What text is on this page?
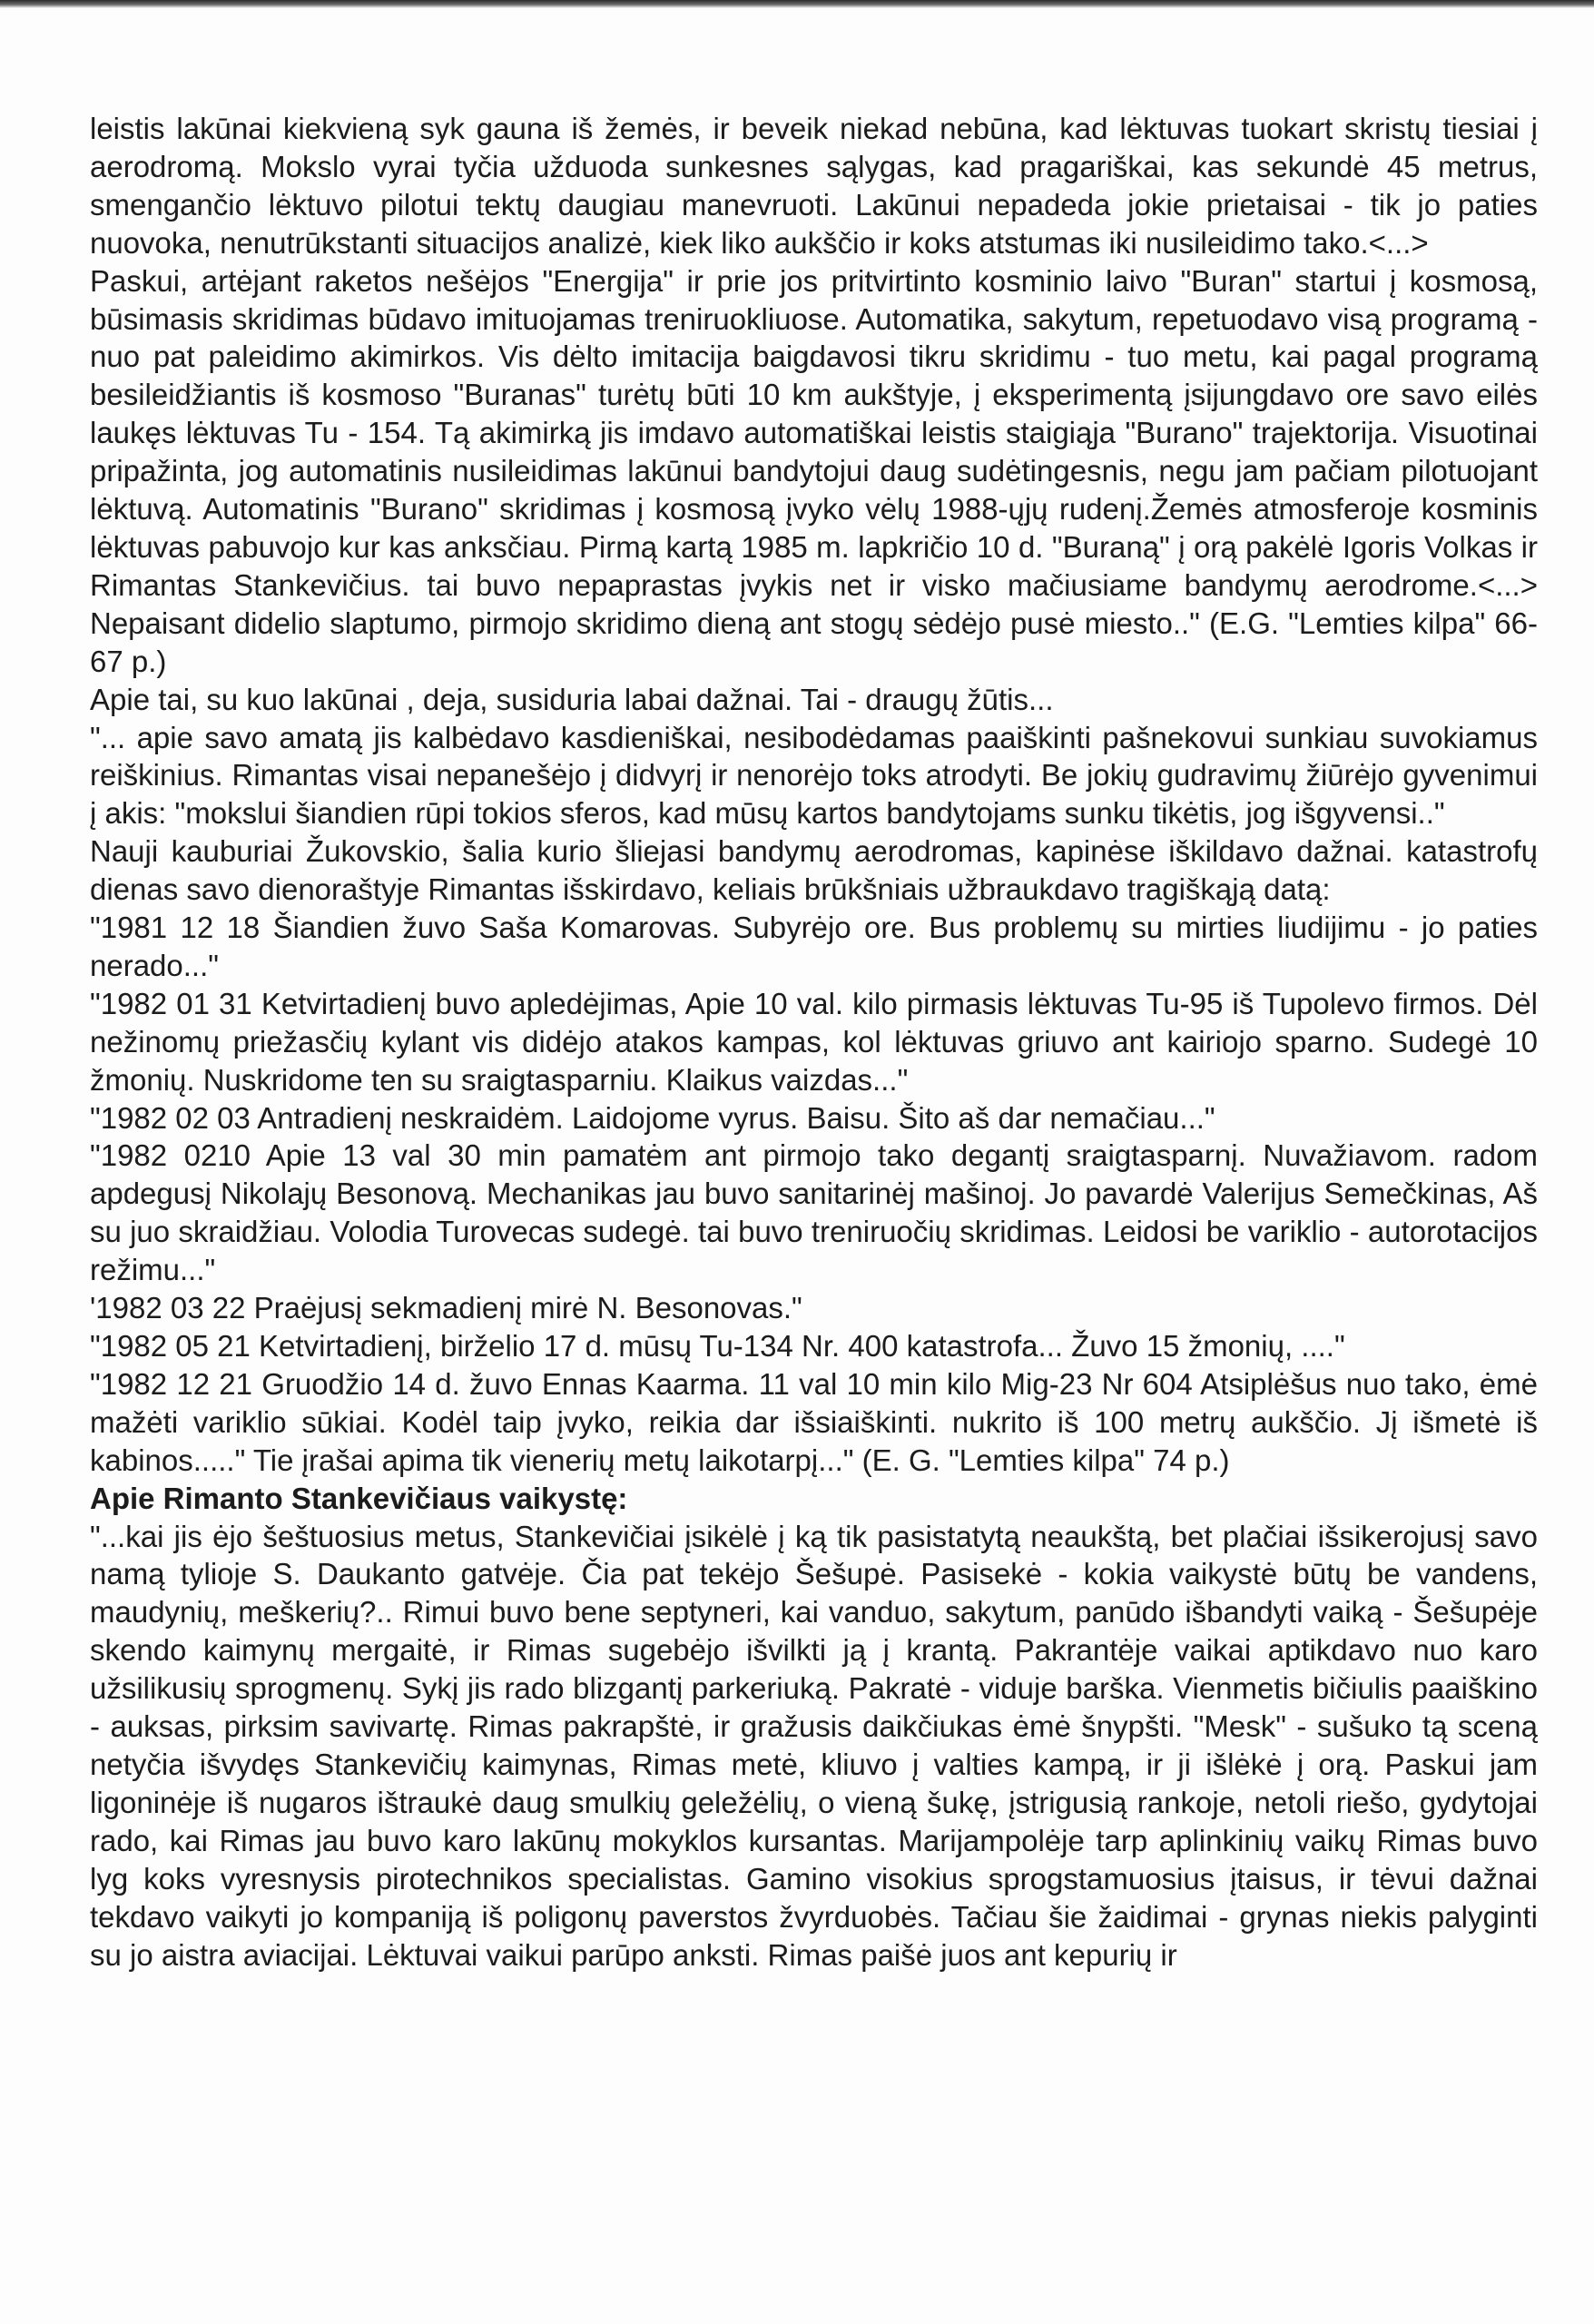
leistis lakūnai kiekvieną syk gauna iš žemės, ir beveik niekad nebūna, kad lėktuvas tuokart skristų tiesiai į aerodromą. Mokslo vyrai tyčia užduoda sunkesnes sąlygas, kad pragariškai, kas sekundė 45 metrus, smengančio lėktuvo pilotui tektų daugiau manevruoti. Lakūnui nepadeda jokie prietaisai - tik jo paties nuovoka, nenutrūkstanti situacijos analizė, kiek liko aukščio ir koks atstumas iki nusileidimo tako.<...>

Paskui, artėjant raketos nešėjos "Energija" ir prie jos pritvirtinto kosminio laivo "Buran" startui į kosmosą, būsimasis skridimas būdavo imituojamas treniruokliuose. Automatika, sakytum, repetuodavo visą programą - nuo pat paleidimo akimirkos. Vis dėlto imitacija baigdavosi tikru skridimu - tuo metu, kai pagal programą besileidžiantis iš kosmoso "Buranas" turėtų būti 10 km aukštyje, į eksperimentą įsijungdavo ore savo eilės laukęs lėktuvas Tu - 154. Tą akimirką jis imdavo automatiškai leistis staigiąja "Burano" trajektorija. Visuotinai pripažinta, jog automatinis nusileidimas lakūnui bandytojui daug sudėtingesnis, negu jam pačiam pilotuojant lėktuvą. Automatinis "Burano" skridimas į kosmosą įvyko vėlų 1988-ųjų rudenį.Žemės atmosferoje kosminis lėktuvas pabuvojo kur kas anksčiau. Pirmą kartą 1985 m. lapkričio 10 d. "Buraną" į orą pakėlė Igoris Volkas ir Rimantas Stankevičius. tai buvo nepaprastas įvykis net ir visko mačiusiame bandymų aerodrome.<...> Nepaisant didelio slaptumo, pirmojo skridimo dieną ant stogų sėdėjo pusė miesto.." (E.G. "Lemties kilpa" 66-67 p.)

Apie tai, su kuo lakūnai , deja, susiduria labai dažnai. Tai - draugų žūtis...

"... apie savo amatą jis kalbėdavo kasdieniškai, nesibodėdamas paaiškinti pašnekovui sunkiau suvokiamus reiškinius. Rimantas visai nepanešėjo į didvyrį ir nenorėjo toks atrodyti. Be jokių gudravimų žiūrėjo gyvenimui į akis: "mokslui šiandien rūpi tokios sferos, kad mūsų kartos bandytojams sunku tikėtis, jog išgyvensi.."

Nauji kauburiai Žukovskio, šalia kurio šliejasi bandymų aerodromas, kapinėse iškildavo dažnai. katastrofų dienas savo dienoraštyje Rimantas išskirdavo, keliais brūkšniais užbraukdavo tragiškąją datą:

"1981 12 18 Šiandien žuvo Saša Komarovas. Subyrėjo ore. Bus problemų su mirties liudijimu - jo paties nerado..."

"1982 01 31 Ketvirtadienį buvo apledėjimas, Apie 10 val. kilo pirmasis lėktuvas Tu-95 iš Tupolevo firmos. Dėl nežinomų priežasčių kylant vis didėjo atakos kampas, kol lėktuvas griuvo ant kairiojo sparno. Sudegė 10 žmonių. Nuskridome ten su sraigtasparniu. Klaikus vaizdas..."

"1982 02 03 Antradienį neskraidėm. Laidojome vyrus. Baisu. Šito aš dar nemačiau..."

"1982 0210 Apie 13 val 30 min pamatėm ant pirmojo tako degantį sraigtasparnį. Nuvažiavom. radom apdegusį Nikolajų Besonovą. Mechanikas jau buvo sanitarinėj mašinoj. Jo pavardė Valerijus Semečkinas, Aš su juo skraidžiau. Volodia Turovecas sudegė. tai buvo treniruočių skridimas. Leidosi be variklio - autorotacijos režimu..."

'1982 03 22 Praėjusį sekmadienį mirė N. Besonovas."

"1982 05 21 Ketvirtadienį, birželio 17 d. mūsų Tu-134 Nr. 400 katastrofa... Žuvo 15 žmonių, ...."

"1982 12 21 Gruodžio 14 d. žuvo Ennas Kaarma. 11 val 10 min kilo Mig-23 Nr 604 Atsiplėšus nuo tako, ėmė mažėti variklio sūkiai. Kodėl taip įvyko, reikia dar išsiaiškinti. nukrito iš 100 metrų aukščio. Jį išmetė iš kabinos....." Tie įrašai apima tik vienerių metų laikotarpį..." (E. G. "Lemties kilpa" 74 p.)

Apie Rimanto Stankevičiaus vaikystę:

"...kai jis ėjo šeštuosius metus, Stankevičiai įsikėlė į ką tik pasistatytą neaukštą, bet plačiai išsikerojusį savo namą tylioje S. Daukanto gatvėje. Čia pat tekėjo Šešupė. Pasisekė - kokia vaikystė būtų be vandens, maudynių, meškerių?.. Rimui buvo bene septyneri, kai vanduo, sakytum, panūdo išbandyti vaiką - Šešupėje skendo kaimynų mergaitė, ir Rimas sugebėjo išvilkti ją į krantą. Pakrantėje vaikai aptikdavo nuo karo užsilikusių sprogmenų. Sykį jis rado blizgantį parkeriuką. Pakratė - viduje barška. Vienmetis bičiulis paaiškino - auksas, pirksim savivartę. Rimas pakrapštė, ir gražusis daikčiukas ėmė šnypšti. "Mesk" - sušuko tą sceną netyčia išvydęs Stankevičių kaimynas, Rimas metė, kliuvo į valties kampą, ir ji išlėkė į orą. Paskui jam ligoninėje iš nugaros ištraukė daug smulkių geležėlių, o vieną šukę, įstrigusią rankoje, netoli riešo, gydytojai rado, kai Rimas jau buvo karo lakūnų mokyklos kursantas. Marijampolėje tarp aplinkinių vaikų Rimas buvo lyg koks vyresnysis pirotechnikos specialistas. Gamino visokius sprogstamuosius įtaisus, ir tėvui dažnai tekdavo vaikyti jo kompaniją iš poligonų paverstos žvyrduobės. Tačiau šie žaidimai - grynas niekis palyginti su jo aistra aviacijai. Lėktuvai vaikui parūpo anksti. Rimas paišė juos ant kepurių ir
